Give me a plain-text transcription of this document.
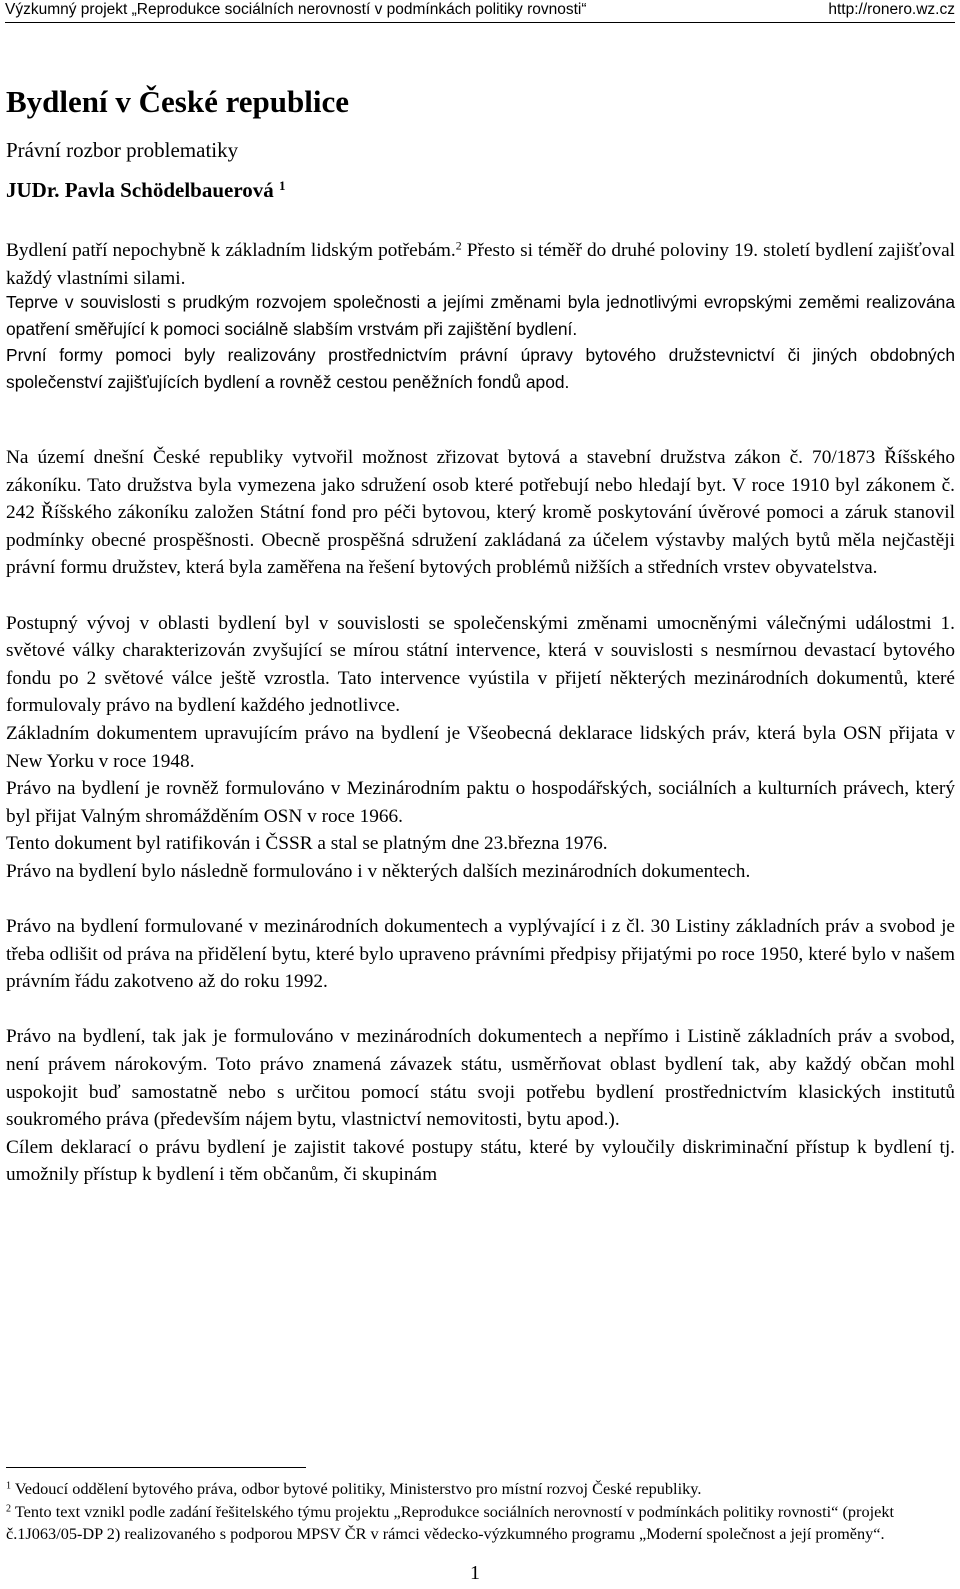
Výzkumný projekt „Reprodukce sociálních nerovností v podmínkách politiky rovnosti“	http://ronero.wz.cz
Bydlení v České republice
Právní rozbor problematiky
JUDr. Pavla Schödelbauerová $^1$

Bydlení patří nepochybně k základním lidským potřebám.$^2$ Přesto si téměř do druhé poloviny 19. století bydlení zajišťoval každý vlastními silami.

Teprve v souvislosti s prudkým rozvojem společnosti a jejími změnami byla jednotlivými evropskými zeměmi realizována opatření směřující k pomoci sociálně slabším vrstvám při zajištění bydlení.

První formy pomoci byly realizovány prostřednictvím právní úpravy bytového družstevnictví či jiných obdobných společenství zajišťujících bydlení a rovněž cestou peněžních fondů apod.

Na území dnešní České republiky vytvořil možnost zřizovat bytová a stavební družstva zákon č. 70/1873 Říšského zákoníku. Tato družstva byla vymezena jako sdružení osob které potřebují nebo hledají byt. V roce 1910 byl zákonem č. 242 Říšského zákoníku založen Státní fond pro péči bytovou, který kromě poskytování úvěrové pomoci a záruk stanovil podmínky obecné prospěšnosti. Obecně prospěšná sdružení zakládaná za účelem výstavby malých bytů měla nejčastěji právní formu družstev, která byla zaměřena na řešení bytových problémů nižších a středních vrstev obyvatelstva.

Postupný vývoj v oblasti bydlení byl v souvislosti se společenskými změnami umocněnými válečnými událostmi 1. světové války charakterizován zvyšující se mírou státní intervence, která v souvislosti s nesmírnou devastací bytového fondu po 2 světové válce ještě vzrostla. Tato intervence vyústila v přijetí některých mezinárodních dokumentů, které formulovaly právo na bydlení každého jednotlivce.

Základním dokumentem upravujícím právo na bydlení je Všeobecná deklarace lidských práv, která byla OSN přijata v New Yorku v roce 1948.

Právo na bydlení je rovněž formulováno v Mezinárodním paktu o hospodářských, sociálních a kulturních právech, který byl přijat Valným shromážděním OSN v roce 1966.

Tento dokument byl ratifikován i ČSSR a stal se platným dne 23.března 1976.

Právo na bydlení bylo následně formulováno i v některých dalších mezinárodních dokumentech.

Právo na bydlení formulované v mezinárodních dokumentech a vyplývající i z čl. 30 Listiny základních práv a svobod je třeba odlišit od práva na přidělení bytu, které bylo upraveno právními předpisy přijatými po roce 1950, které bylo v našem právním řádu zakotveno až do roku 1992.

Právo na bydlení, tak jak je formulováno v mezinárodních dokumentech a nepřímo i Listině základních práv a svobod, není právem nárokovým. Toto právo znamená závazek státu, usměrňovat oblast bydlení tak, aby každý občan mohl uspokojit buď samostatně nebo s určitou pomocí státu svoji potřebu bydlení prostřednictvím klasických institutů soukromého práva (především nájem bytu, vlastnictví nemovitosti, bytu apod.).

Cílem deklarací o právu bydlení je zajistit takové postupy státu, které by vyloučily diskriminační přístup k bydlení tj. umožnily přístup k bydlení i těm občanům, či skupinám

$^1$ Vedoucí oddělení bytového práva, odbor bytové politiky, Ministerstvo pro místní rozvoj České republiky.

$^2$ Tento text vznikl podle zadání řešitelského týmu projektu „Reprodukce sociálních nerovností v podmínkách politiky rovnosti“ (projekt č.1J063/05-DP 2) realizovaného s podporou MPSV ČR v rámci vědecko-výzkumného programu „Moderní společnost a její proměny“.

1
